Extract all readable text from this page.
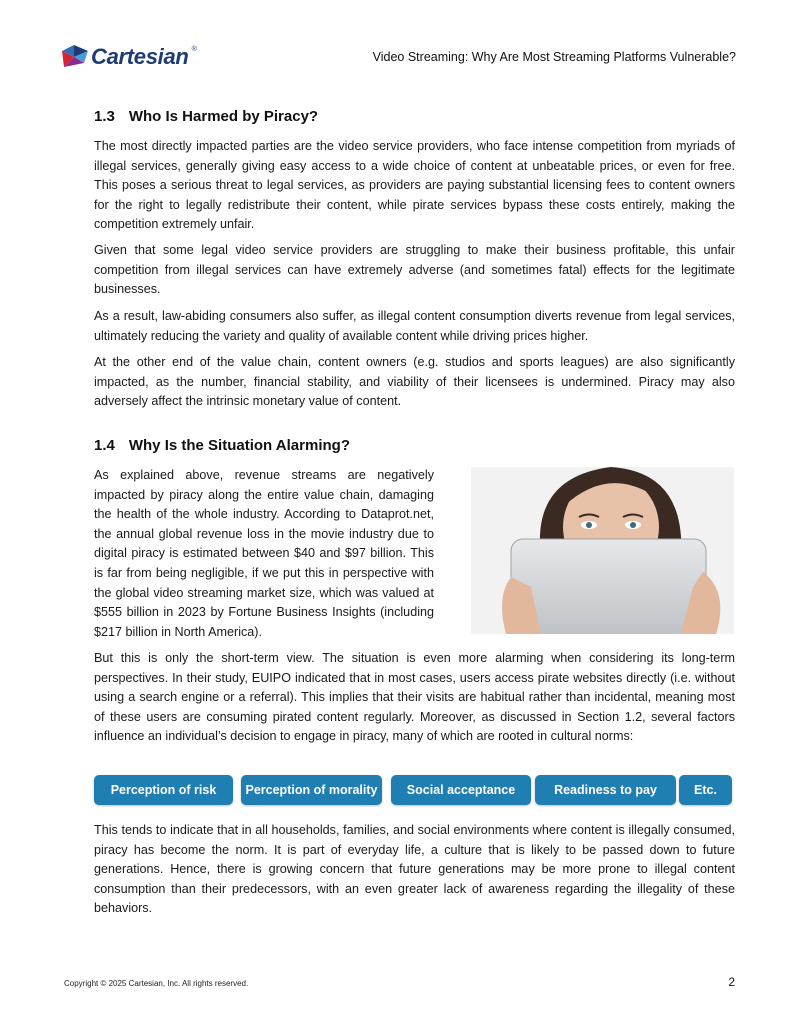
Cartesian ®
Video Streaming: Why Are Most Streaming Platforms Vulnerable?
1.3 Who Is Harmed by Piracy?

The most directly impacted parties are the video service providers, who face intense competition from myriads of illegal services, generally giving easy access to a wide choice of content at unbeatable prices, or even for free. This poses a serious threat to legal services, as providers are paying substantial licensing fees to content owners for the right to legally redistribute their content, while pirate services bypass these costs entirely, making the competition extremely unfair.

Given that some legal video service providers are struggling to make their business profitable, this unfair competition from illegal services can have extremely adverse (and sometimes fatal) effects for the legitimate businesses.

As a result, law-abiding consumers also suffer, as illegal content consumption diverts revenue from legal services, ultimately reducing the variety and quality of available content while driving prices higher.

At the other end of the value chain, content owners (e.g. studios and sports leagues) are also significantly impacted, as the number, financial stability, and viability of their licensees is undermined. Piracy may also adversely affect the intrinsic monetary value of content.

1.4 Why Is the Situation Alarming?

As explained above, revenue streams are negatively impacted by piracy along the entire value chain, damaging the health of the whole industry. According to Dataprot.net, the annual global revenue loss in the movie industry due to digital piracy is estimated between $40 and $97 billion. This is far from being negligible, if we put this in perspective with the global video streaming market size, which was valued at $555 billion in 2023 by Fortune Business Insights (including $217 billion in North America).

But this is only the short-term view. The situation is even more alarming when considering its long-term perspectives. In their study, EUIPO indicated that in most cases, users access pirate websites directly (i.e. without using a search engine or a referral). This implies that their visits are habitual rather than incidental, meaning most of these users are consuming pirated content regularly. Moreover, as discussed in Section 1.2, several factors influence an individual’s decision to engage in piracy, many of which are rooted in cultural norms:

Perception of risk	Perception of morality	Social acceptance	Readiness to pay	Etc.

This tends to indicate that in all households, families, and social environments where content is illegally consumed, piracy has become the norm. It is part of everyday life, a culture that is likely to be passed down to future generations. Hence, there is growing concern that future generations may be more prone to illegal content consumption than their predecessors, with an even greater lack of awareness regarding the illegality of these behaviors.

Copyright © 2025 Cartesian, Inc. All rights reserved.	2
